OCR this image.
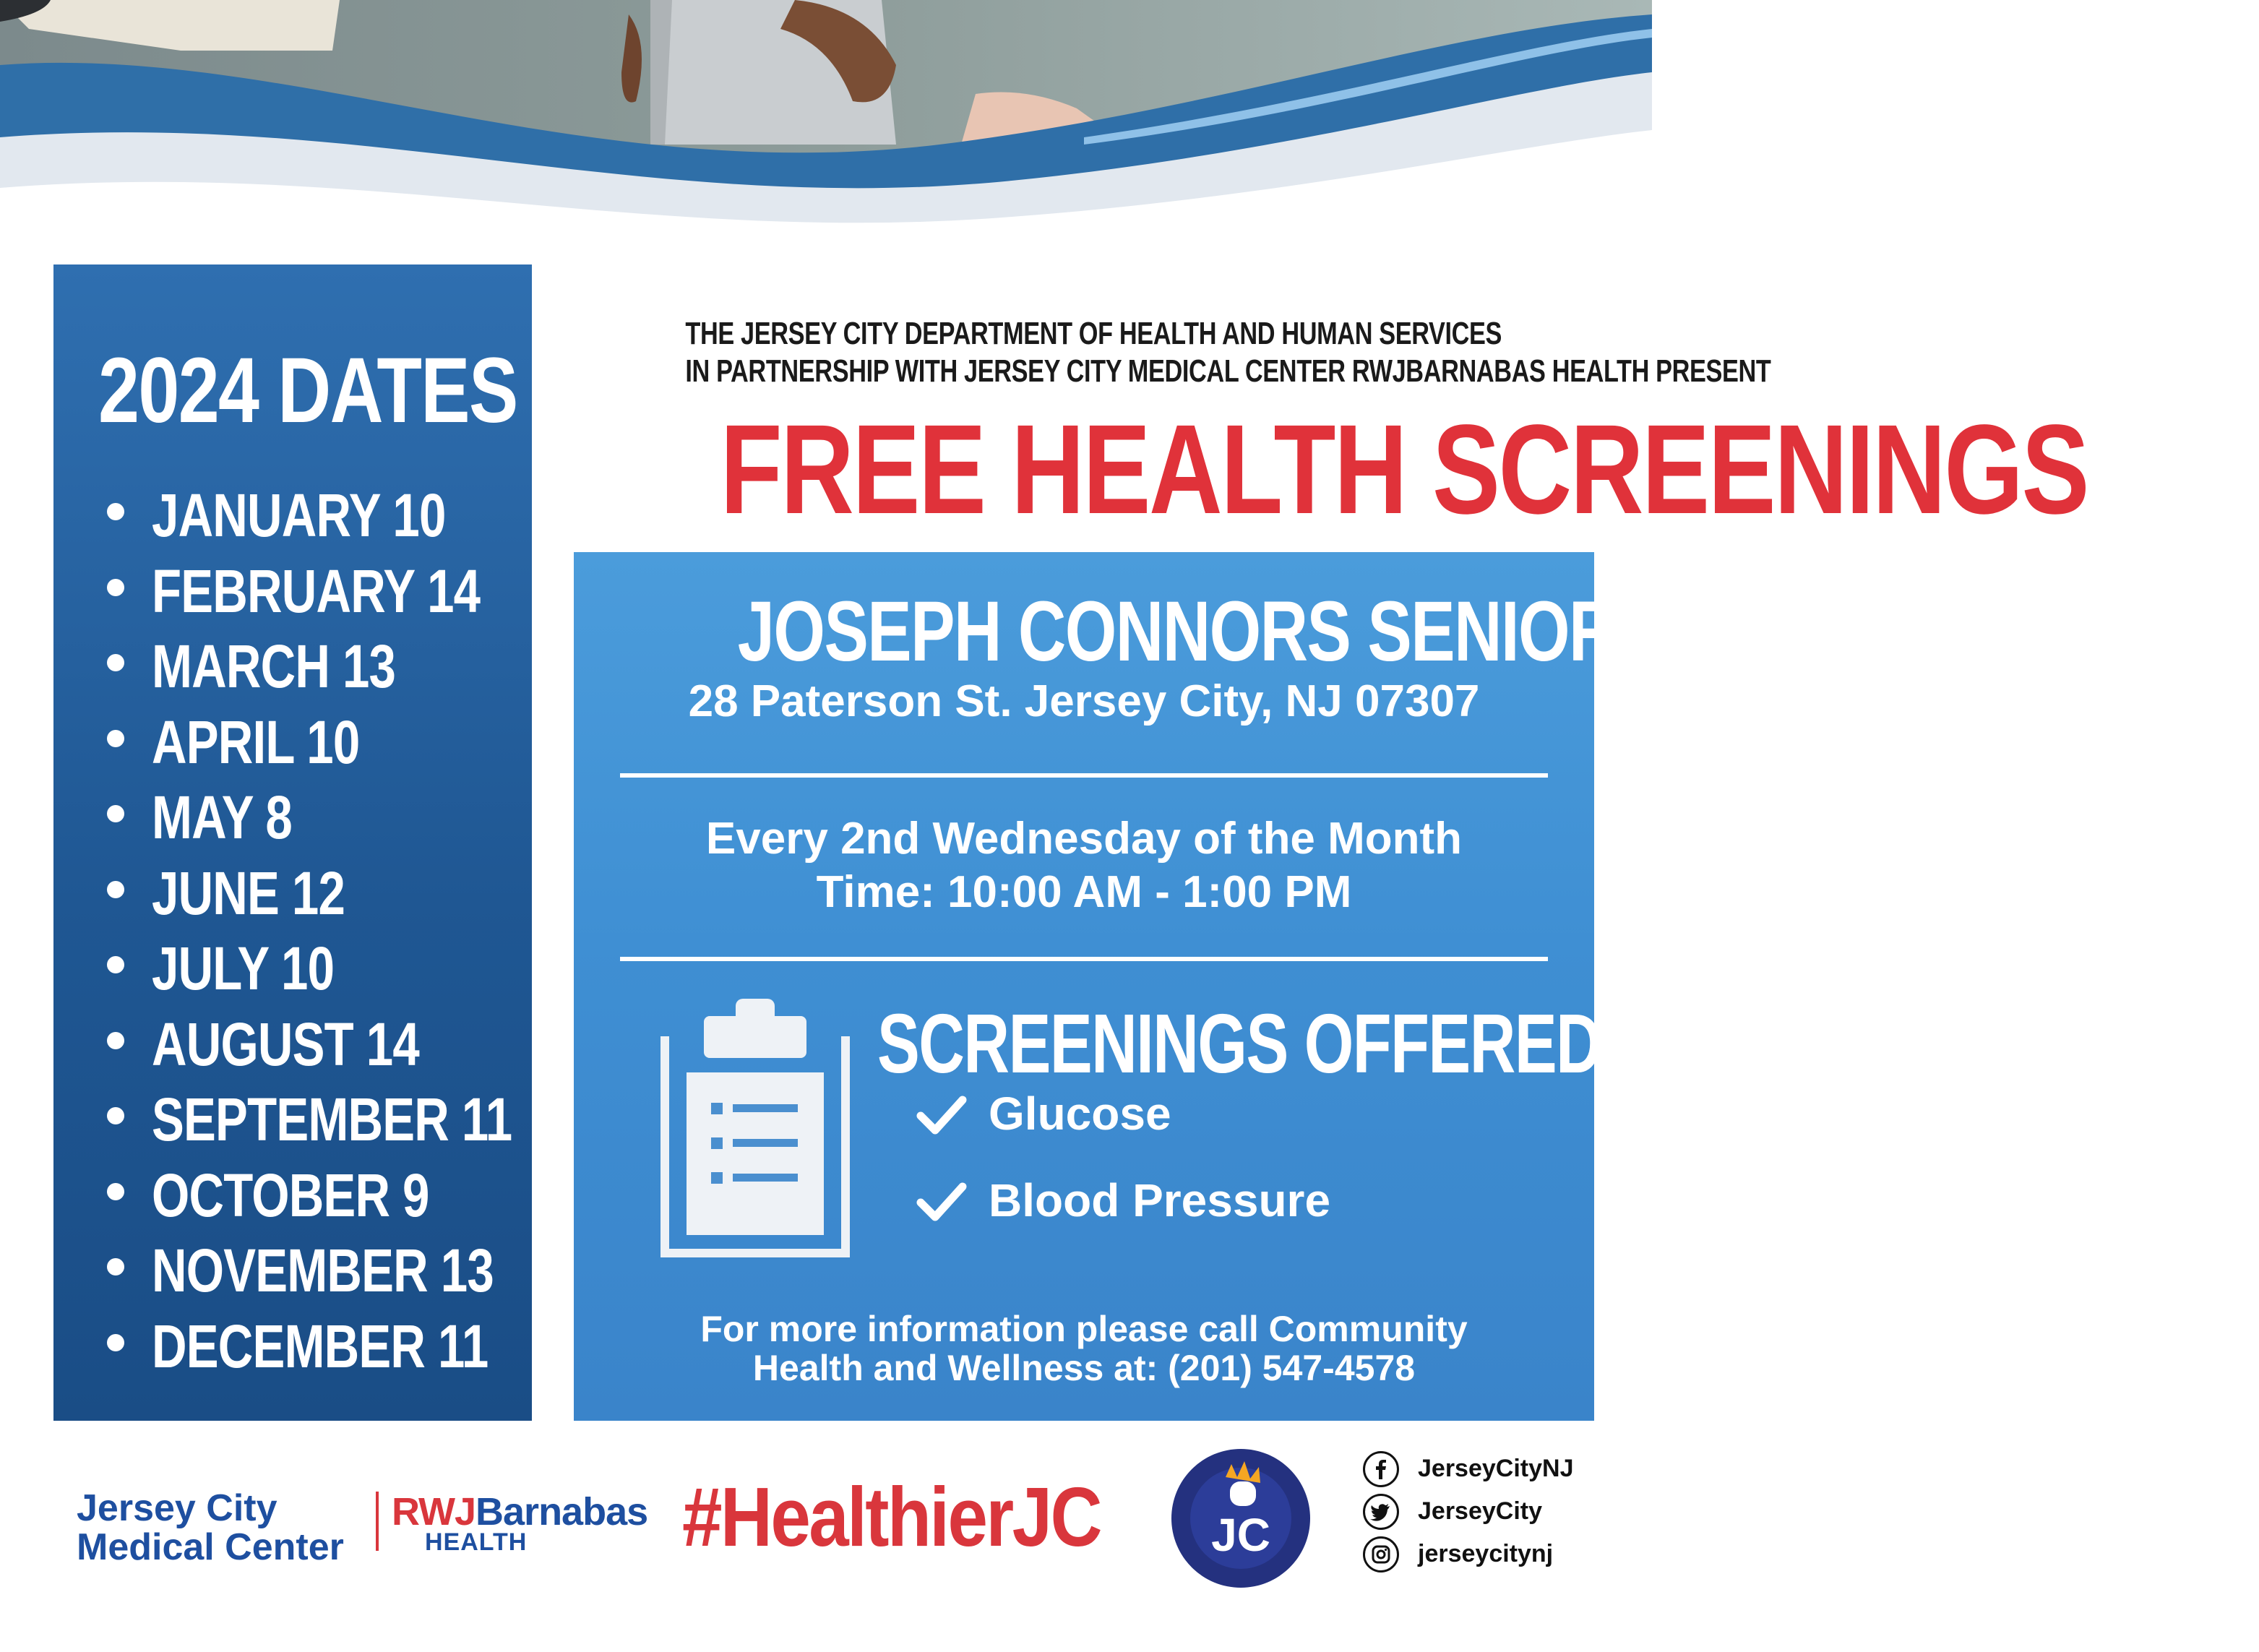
2024 DATES
JANUARY 10
FEBRUARY 14
MARCH 13
APRIL 10
MAY 8
JUNE 12
JULY 10
AUGUST 14
SEPTEMBER 11
OCTOBER 9
NOVEMBER 13
DECEMBER 11
THE JERSEY CITY DEPARTMENT OF HEALTH AND HUMAN SERVICES
IN PARTNERSHIP WITH JERSEY CITY MEDICAL CENTER RWJBARNABAS HEALTH PRESENT
FREE HEALTH SCREENINGS
JOSEPH CONNORS SENIOR CENTER
28 Paterson St. Jersey City, NJ 07307
Every 2nd Wednesday of the Month
Time: 10:00 AM - 1:00 PM
SCREENINGS OFFERED
Glucose
Blood Pressure
For more information please call Community
Health and Wellness at: (201) 547-4578
Jersey City
Medical Center
RWJBarnabas
HEALTH #HealthierJC JC
JerseyCityNJ
JerseyCity
jerseycitynj
